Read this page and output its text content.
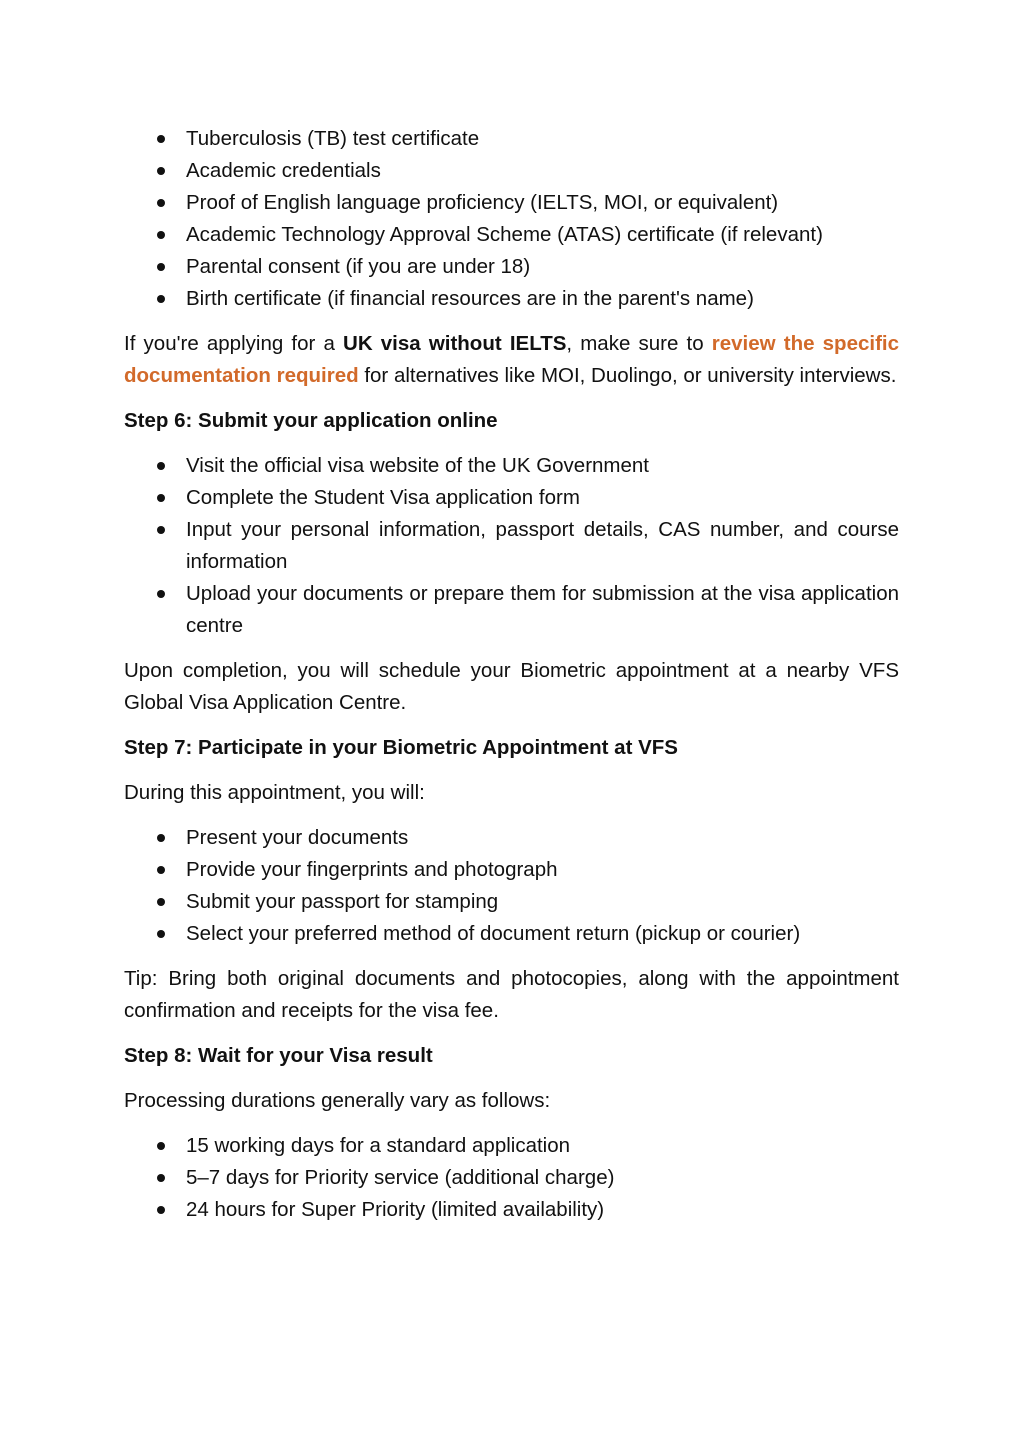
Tuberculosis (TB) test certificate
Academic credentials
Proof of English language proficiency (IELTS, MOI, or equivalent)
Academic Technology Approval Scheme (ATAS) certificate (if relevant)
Parental consent (if you are under 18)
Birth certificate (if financial resources are in the parent's name)

If you're applying for a UK visa without IELTS, make sure to review the specific documentation required for alternatives like MOI, Duolingo, or university interviews.

Step 6: Submit your application online

Visit the official visa website of the UK Government
Complete the Student Visa application form
Input your personal information, passport details, CAS number, and course information
Upload your documents or prepare them for submission at the visa application centre

Upon completion, you will schedule your Biometric appointment at a nearby VFS Global Visa Application Centre.

Step 7: Participate in your Biometric Appointment at VFS

During this appointment, you will:

Present your documents
Provide your fingerprints and photograph
Submit your passport for stamping
Select your preferred method of document return (pickup or courier)

Tip: Bring both original documents and photocopies, along with the appointment confirmation and receipts for the visa fee.

Step 8: Wait for your Visa result

Processing durations generally vary as follows:

15 working days for a standard application
5–7 days for Priority service (additional charge)
24 hours for Super Priority (limited availability)
